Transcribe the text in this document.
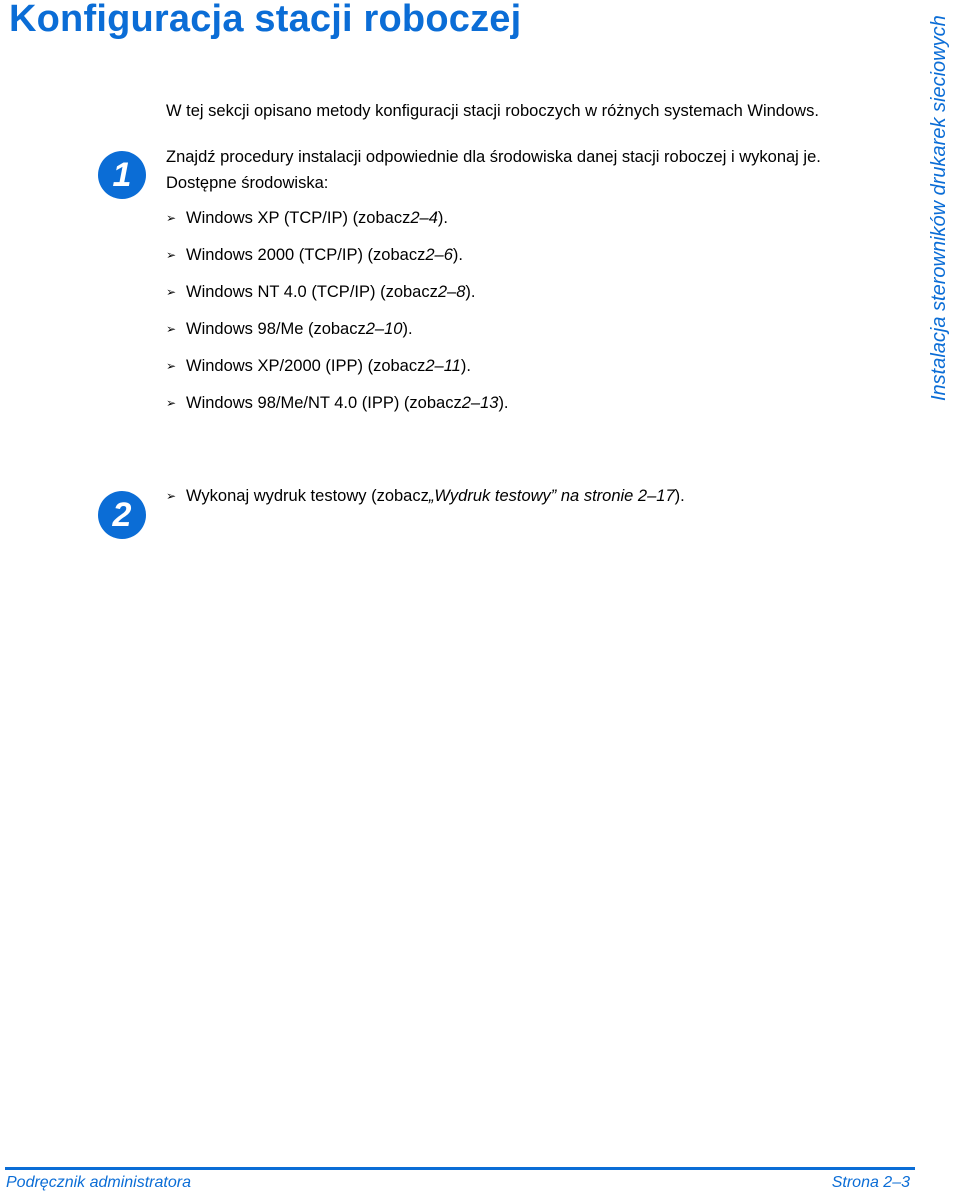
Konfiguracja stacji roboczej	Instalacja sterowników drukarek sieciowych

W tej sekcji opisano metody konfiguracji stacji roboczych w różnych systemach Windows.

1	Znajdź procedury instalacji odpowiednie dla środowiska danej stacji roboczej i wykonaj je.
Dostępne środowiska:

➢ Windows XP (TCP/IP) (zobacz 2–4 ).
➢ Windows 2000 (TCP/IP) (zobacz 2–6 ).
➢ Windows NT 4.0 (TCP/IP) (zobacz 2–8 ).
➢ Windows 98/Me (zobacz 2–10 ).
➢ Windows XP/2000 (IPP) (zobacz 2–11 ).
➢ Windows 98/Me/NT 4.0 (IPP) (zobacz 2–13 ).
2	➢ Wykonaj wydruk testowy (zobacz „Wydruk testowy” na stronie 2–17 ).
Podręcznik administratora	Strona 2–3
